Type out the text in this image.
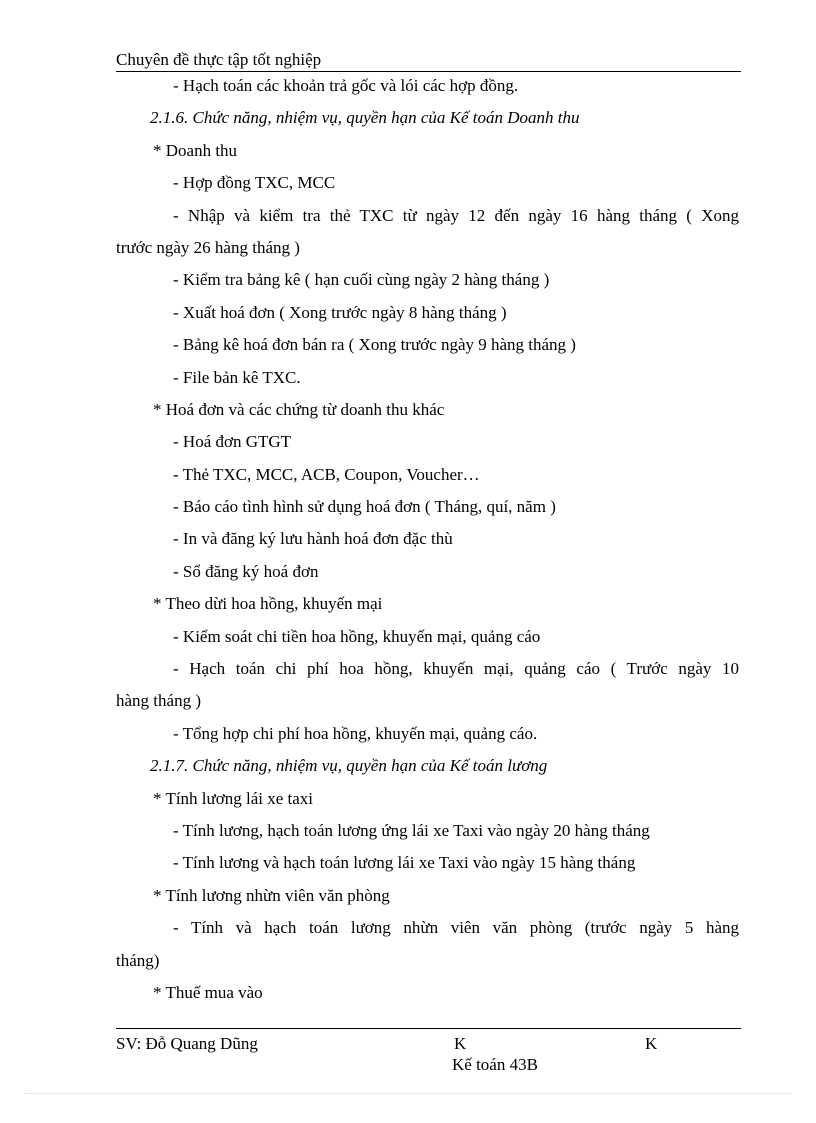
Chuyên đề thực tập tốt nghiệp
- Hạch toán các khoản trả gốc và lói các hợp đồng.
2.1.6. Chức năng, nhiệm vụ, quyền hạn của Kế toán Doanh thu
* Doanh thu
- Hợp đồng TXC, MCC
- Nhập và kiểm tra thẻ TXC từ ngày 12 đến ngày 16 hàng tháng ( Xong
trước ngày 26 hàng tháng )
- Kiểm tra bảng kê ( hạn cuối cùng ngày 2 hàng tháng )
- Xuất hoá đơn ( Xong trước ngày 8 hàng tháng )
- Bảng kê hoá đơn bán ra ( Xong trước ngày 9 hàng tháng )
- File bản kê TXC.
* Hoá đơn và các chứng từ doanh thu khác
- Hoá đơn GTGT
- Thẻ TXC, MCC, ACB, Coupon, Voucher…
- Báo cáo tình hình sử dụng hoá đơn ( Tháng, quí, năm )
- In và đăng ký lưu hành hoá đơn đặc thù
- Sổ đăng ký hoá đơn
* Theo dừi hoa hồng, khuyến mại
- Kiểm soát chi tiền hoa hồng, khuyến mại, quảng cáo
- Hạch toán chi phí hoa hồng, khuyến mại, quảng cáo ( Trước ngày 10
hàng tháng )
- Tổng hợp chi phí hoa hồng, khuyến mại, quảng cáo.
2.1.7. Chức năng, nhiệm vụ, quyền hạn của Kế toán lương
* Tính lương lái xe taxi
- Tính lương, hạch toán lương ứng lái xe Taxi vào ngày 20 hàng tháng
- Tính lương và hạch toán lương lái xe Taxi vào ngày 15 hàng tháng
* Tính lương nhừn viên văn phòng
- Tính và hạch toán lương nhừn viên văn phòng (trước ngày 5 hàng
tháng)
* Thuế mua vào
SV: Đỗ Quang Dũng	K	K
Kế toán 43B
